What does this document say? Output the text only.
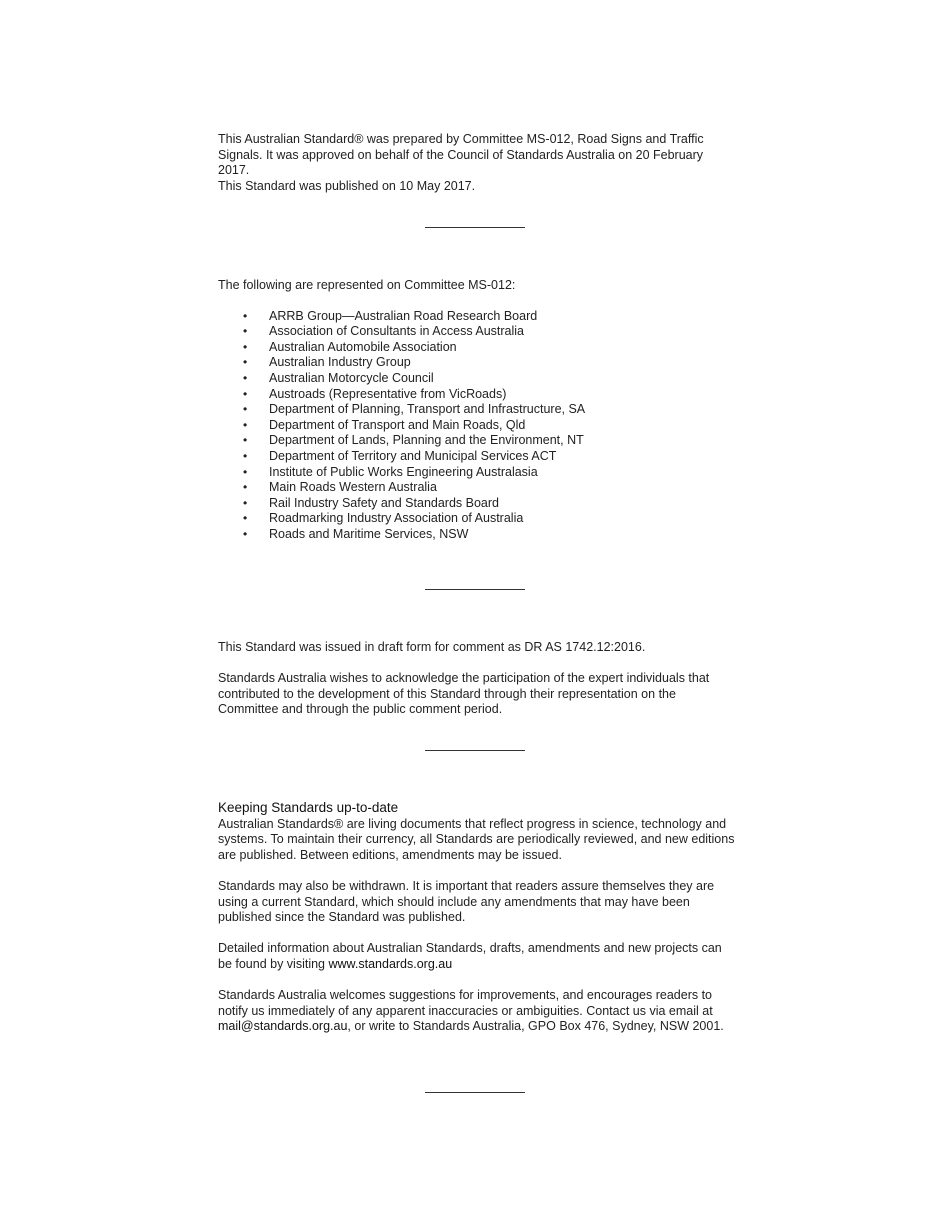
This Australian Standard® was prepared by Committee MS-012, Road Signs and Traffic

Signals. It was approved on behalf of the Council of Standards Australia on 20 February

2017.

This Standard was published on 10 May 2017.

The following are represented on Committee MS-012:

• ARRB Group—Australian Road Research Board
• Association of Consultants in Access Australia
• Australian Automobile Association
• Australian Industry Group
• Australian Motorcycle Council
• Austroads (Representative from VicRoads)
• Department of Planning, Transport and Infrastructure, SA
• Department of Transport and Main Roads, Qld
• Department of Lands, Planning and the Environment, NT
• Department of Territory and Municipal Services ACT
• Institute of Public Works Engineering Australasia
• Main Roads Western Australia
• Rail Industry Safety and Standards Board
• Roadmarking Industry Association of Australia
• Roads and Maritime Services, NSW

This Standard was issued in draft form for comment as DR AS 1742.12:2016.

Standards Australia wishes to acknowledge the participation of the expert individuals that

contributed to the development of this Standard through their representation on the

Committee and through the public comment period.

Keeping Standards up-to-date

Australian Standards® are living documents that reflect progress in science, technology and

systems. To maintain their currency, all Standards are periodically reviewed, and new editions

are published. Between editions, amendments may be issued.

Standards may also be withdrawn. It is important that readers assure themselves they are

using a current Standard, which should include any amendments that may have been

published since the Standard was published.

Detailed information about Australian Standards, drafts, amendments and new projects can

be found by visiting www.standards.org.au

Standards Australia welcomes suggestions for improvements, and encourages readers to

notify us immediately of any apparent inaccuracies or ambiguities. Contact us via email at

mail@standards.org.au, or write to Standards Australia, GPO Box 476, Sydney, NSW 2001.
